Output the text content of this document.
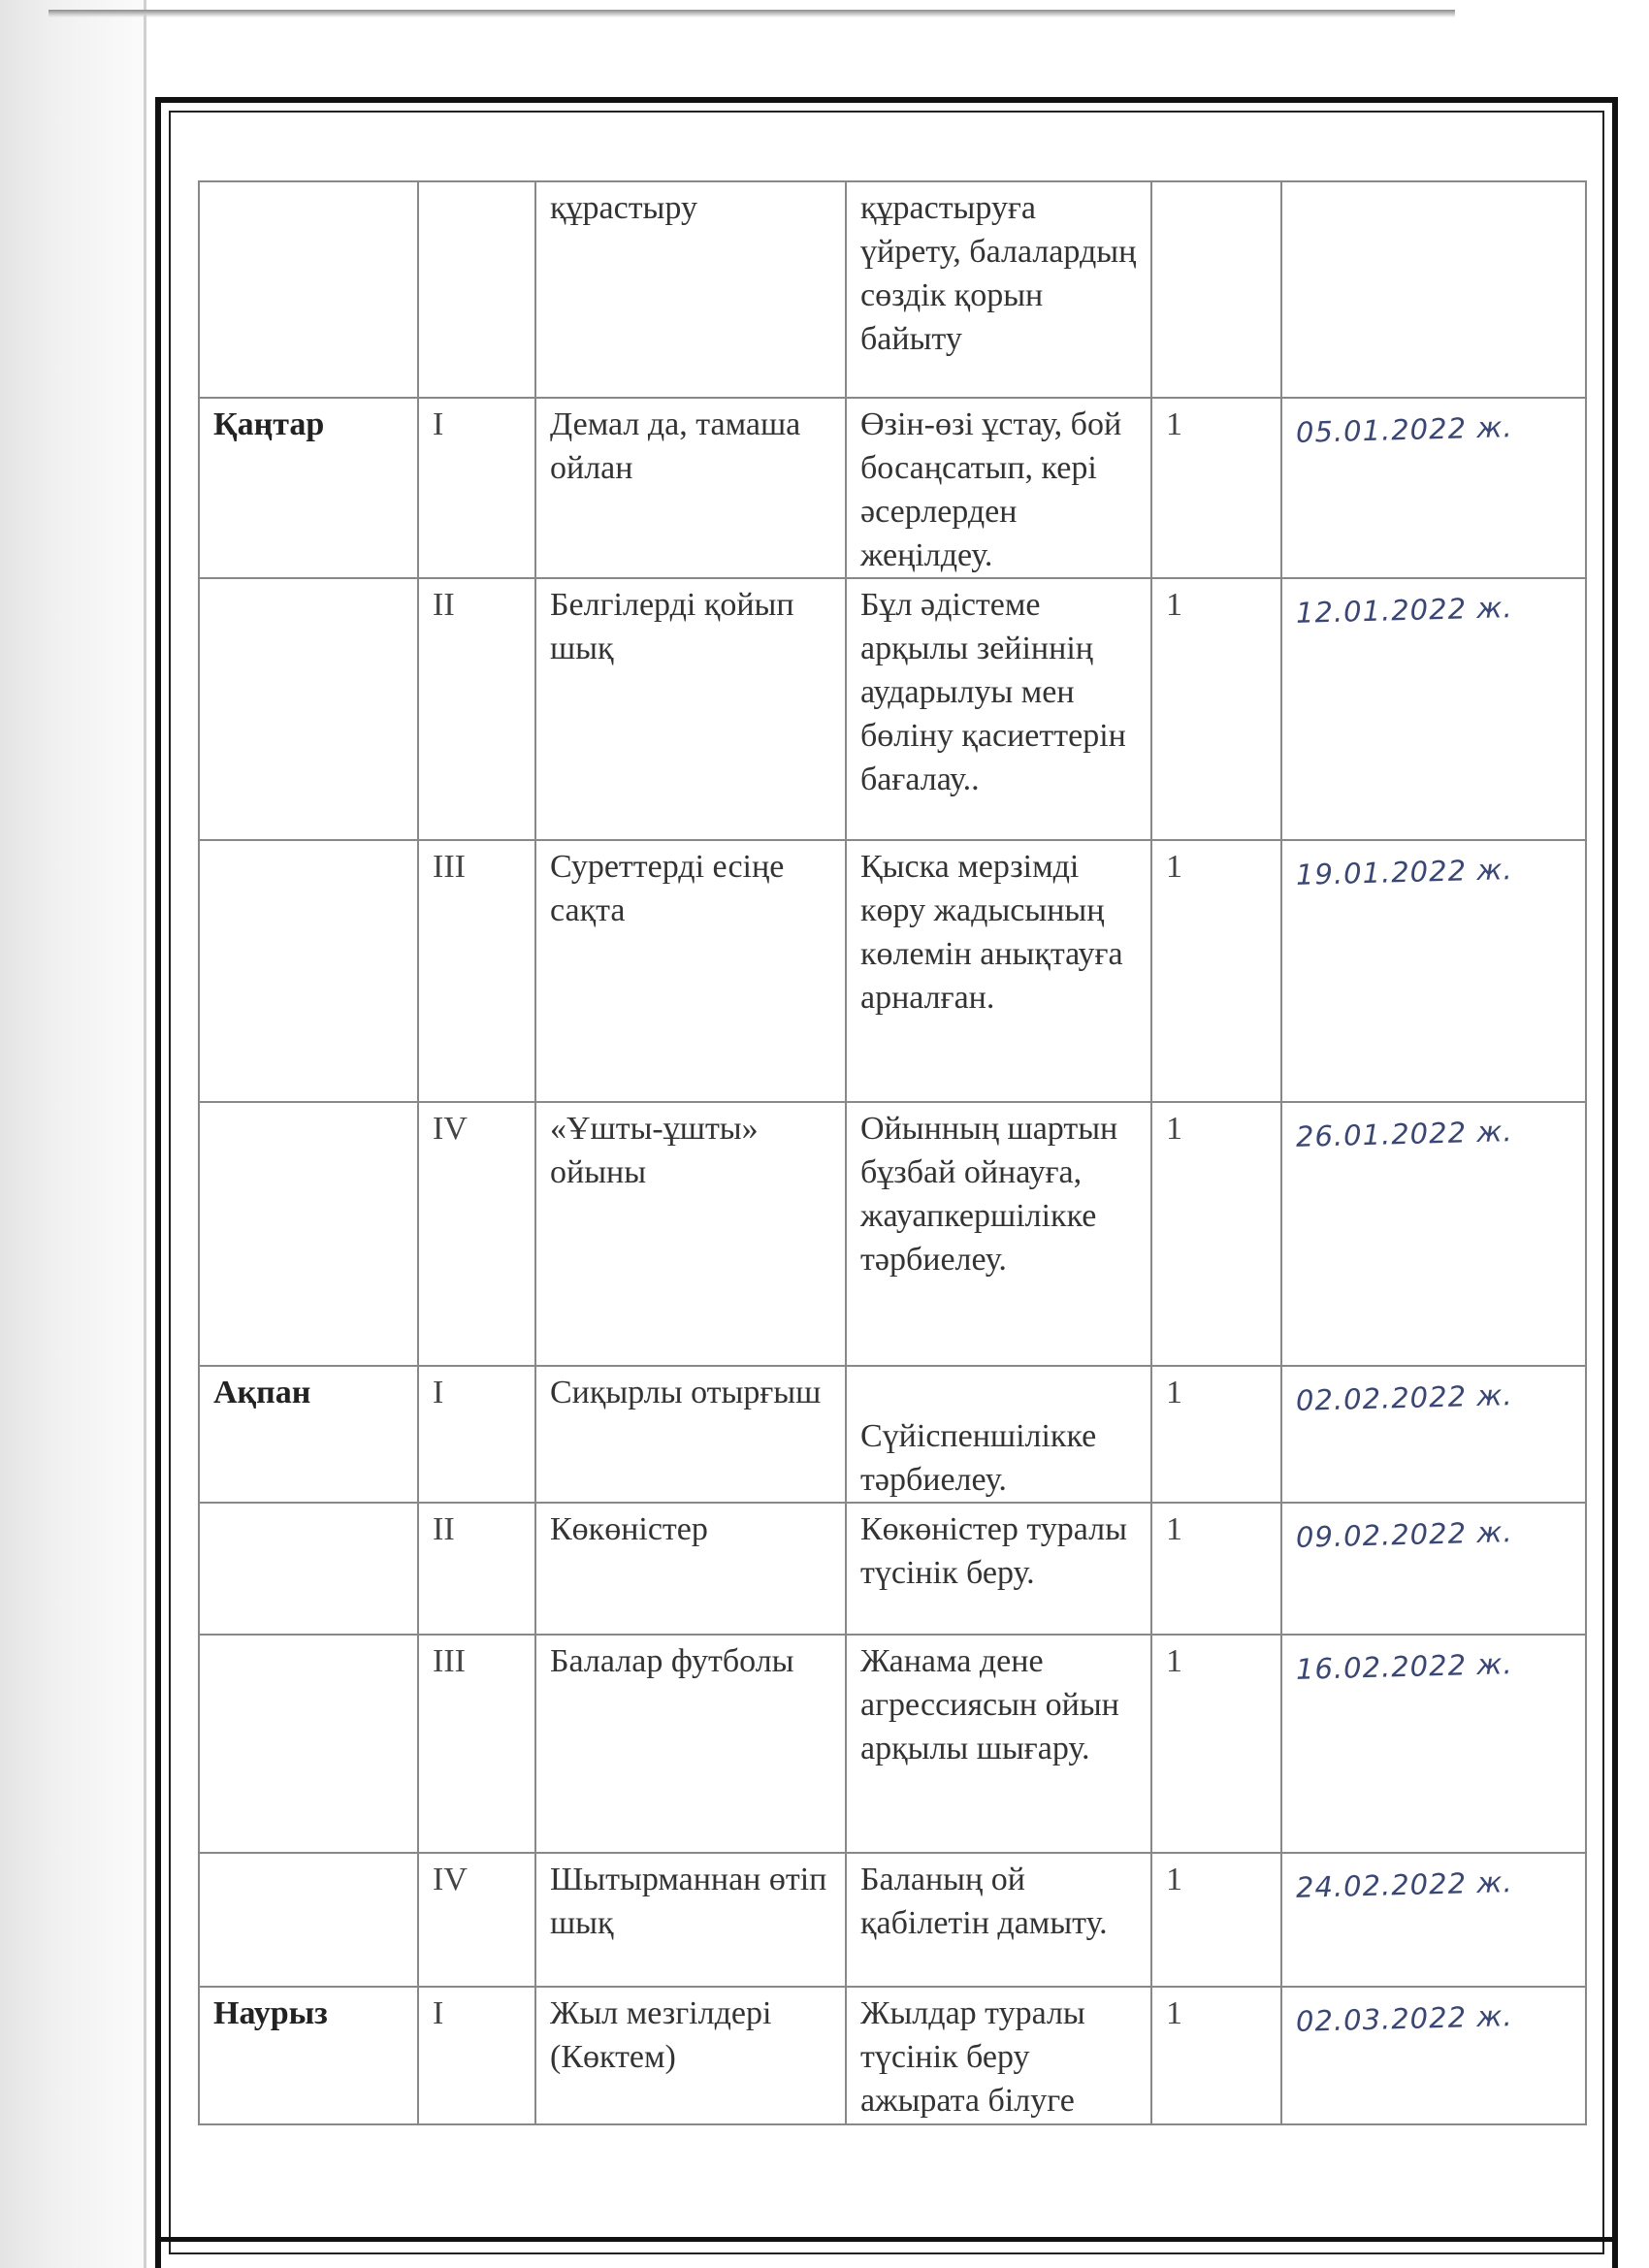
		құрастыру	құрастыруға үйрету, балалардың сөздік қорын байыту		
Қаңтар	I	Демал да, тамаша ойлан	Өзін-өзі ұстау, бой босаңсатып, кері әсерлерден жеңілдеу.	1	05.01.2022 ж.
	II	Белгілерді қойып шық	Бұл әдістеме арқылы зейіннің аударылуы мен бөліну қасиеттерін бағалау..	1	12.01.2022 ж.
	III	Суреттерді есіңе сақта	Қыска мерзімді көру жадысының көлемін анықтауға арналған.	1	19.01.2022 ж.
	IV	«Ұшты-ұшты» ойыны	Ойынның шартын бұзбай ойнауға, жауапкершілікке тәрбиелеу.	1	26.01.2022 ж.
Ақпан	I	Сиқырлы отырғыш	Сүйіспеншілікке тәрбиелеу.	1	02.02.2022 ж.
	II	Көкөністер	Көкөністер туралы түсінік беру.	1	09.02.2022 ж.
	III	Балалар футболы	Жанама дене агрессиясын ойын арқылы шығару.	1	16.02.2022 ж.
	IV	Шытырманнан өтіп шық	Баланың ой қабілетін дамыту.	1	24.02.2022 ж.
Наурыз	I	Жыл мезгілдері (Көктем)	Жылдар туралы түсінік беру ажырата білуге	1	02.03.2022 ж.
